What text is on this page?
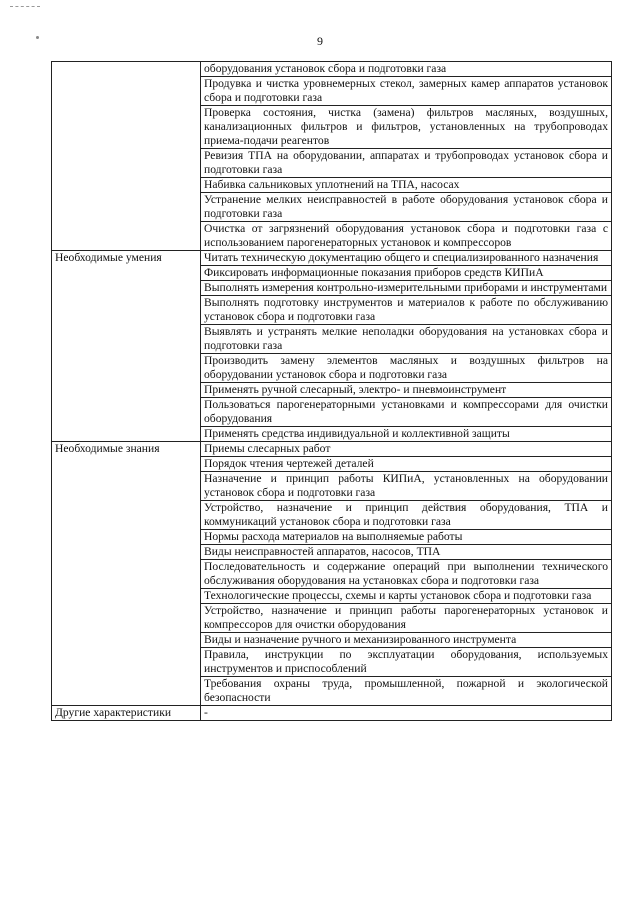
9

	оборудования установок сбора и подготовки газа

	Продувка и чистка уровнемерных стекол, замерных камер аппаратов установок сбора и подготовки газа

	Проверка состояния, чистка (замена) фильтров масляных, воздушных, канализационных фильтров и фильтров, установленных на трубопроводах приема-подачи реагентов

	Ревизия ТПА на оборудовании, аппаратах и трубопроводах установок сбора и подготовки газа

	Набивка сальниковых уплотнений на ТПА, насосах

	Устранение мелких неисправностей в работе оборудования установок сбора и подготовки газа

	Очистка от загрязнений оборудования установок сбора и подготовки газа с использованием парогенераторных установок и компрессоров

Необходимые умения	Читать техническую документацию общего и специализированного назначения

	Фиксировать информационные показания приборов средств КИПиА

	Выполнять измерения контрольно-измерительными приборами и инструментами

	Выполнять подготовку инструментов и материалов к работе по обслуживанию установок сбора и подготовки газа

	Выявлять и устранять мелкие неполадки оборудования на установках сбора и подготовки газа

	Производить замену элементов масляных и воздушных фильтров на оборудовании установок сбора и подготовки газа

	Применять ручной слесарный, электро- и пневмоинструмент

	Пользоваться парогенераторными установками и компрессорами для очистки оборудования

	Применять средства индивидуальной и коллективной защиты

Необходимые знания	Приемы слесарных работ

	Порядок чтения чертежей деталей

	Назначение и принцип работы КИПиА, установленных на оборудовании установок сбора и подготовки газа

	Устройство, назначение и принцип действия оборудования, ТПА и коммуникаций установок сбора и подготовки газа

	Нормы расхода материалов на выполняемые работы

	Виды неисправностей аппаратов, насосов, ТПА

	Последовательность и содержание операций при выполнении технического обслуживания оборудования на установках сбора и подготовки газа

	Технологические процессы, схемы и карты установок сбора и подготовки газа

	Устройство, назначение и принцип работы парогенераторных установок и компрессоров для очистки оборудования

	Виды и назначение ручного и механизированного инструмента

	Правила, инструкции по эксплуатации оборудования, используемых инструментов и приспособлений

	Требования охраны труда, промышленной, пожарной и экологической безопасности

Другие характеристики	-
